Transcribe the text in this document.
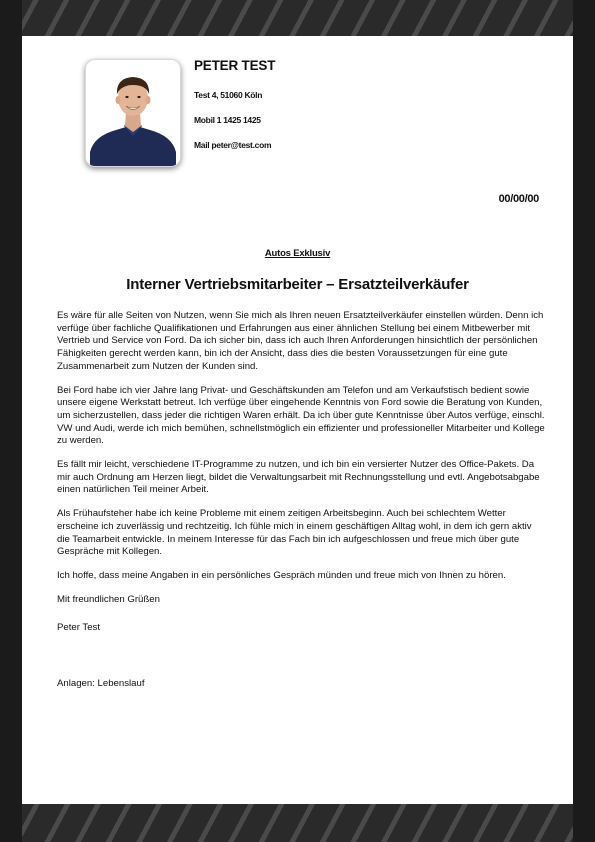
PETER TEST
Test 4, 51060 Köln
Mobil 1 1425 1425
Mail peter@test.com
00/00/00
Autos Exklusiv
Interner Vertriebsmitarbeiter – Ersatzteilverkäufer

Es wäre für alle Seiten von Nutzen, wenn Sie mich als Ihren neuen Ersatzteilverkäufer einstellen würden. Denn ich verfüge über fachliche Qualifikationen und Erfahrungen aus einer ähnlichen Stellung bei einem Mitbewerber mit Vertrieb und Service von Ford. Da ich sicher bin, dass ich auch Ihren Anforderungen hinsichtlich der persönlichen Fähigkeiten gerecht werden kann, bin ich der Ansicht, dass dies die besten Voraussetzungen für eine gute Zusammenarbeit zum Nutzen der Kunden sind.

Bei Ford habe ich vier Jahre lang Privat- und Geschäftskunden am Telefon und am Verkaufstisch bedient sowie unsere eigene Werkstatt betreut. Ich verfüge über eingehende Kenntnis von Ford sowie die Beratung von Kunden, um sicherzustellen, dass jeder die richtigen Waren erhält. Da ich über gute Kenntnisse über Autos verfüge, einschl. VW und Audi, werde ich mich bemühen, schnellstmöglich ein effizienter und professioneller Mitarbeiter und Kollege zu werden.

Es fällt mir leicht, verschiedene IT-Programme zu nutzen, und ich bin ein versierter Nutzer des Office-Pakets. Da mir auch Ordnung am Herzen liegt, bildet die Verwaltungsarbeit mit Rechnungsstellung und evtl. Angebotsabgabe einen natürlichen Teil meiner Arbeit.

Als Frühaufsteher habe ich keine Probleme mit einem zeitigen Arbeitsbeginn. Auch bei schlechtem Wetter erscheine ich zuverlässig und rechtzeitig. Ich fühle mich in einem geschäftigen Alltag wohl, in dem ich gern aktiv die Teamarbeit entwickle. In meinem Interesse für das Fach bin ich aufgeschlossen und freue mich über gute Gespräche mit Kollegen.

Ich hoffe, dass meine Angaben in ein persönliches Gespräch münden und freue mich von Ihnen zu hören.

Mit freundlichen Grüßen

Peter Test

Anlagen: Lebenslauf
